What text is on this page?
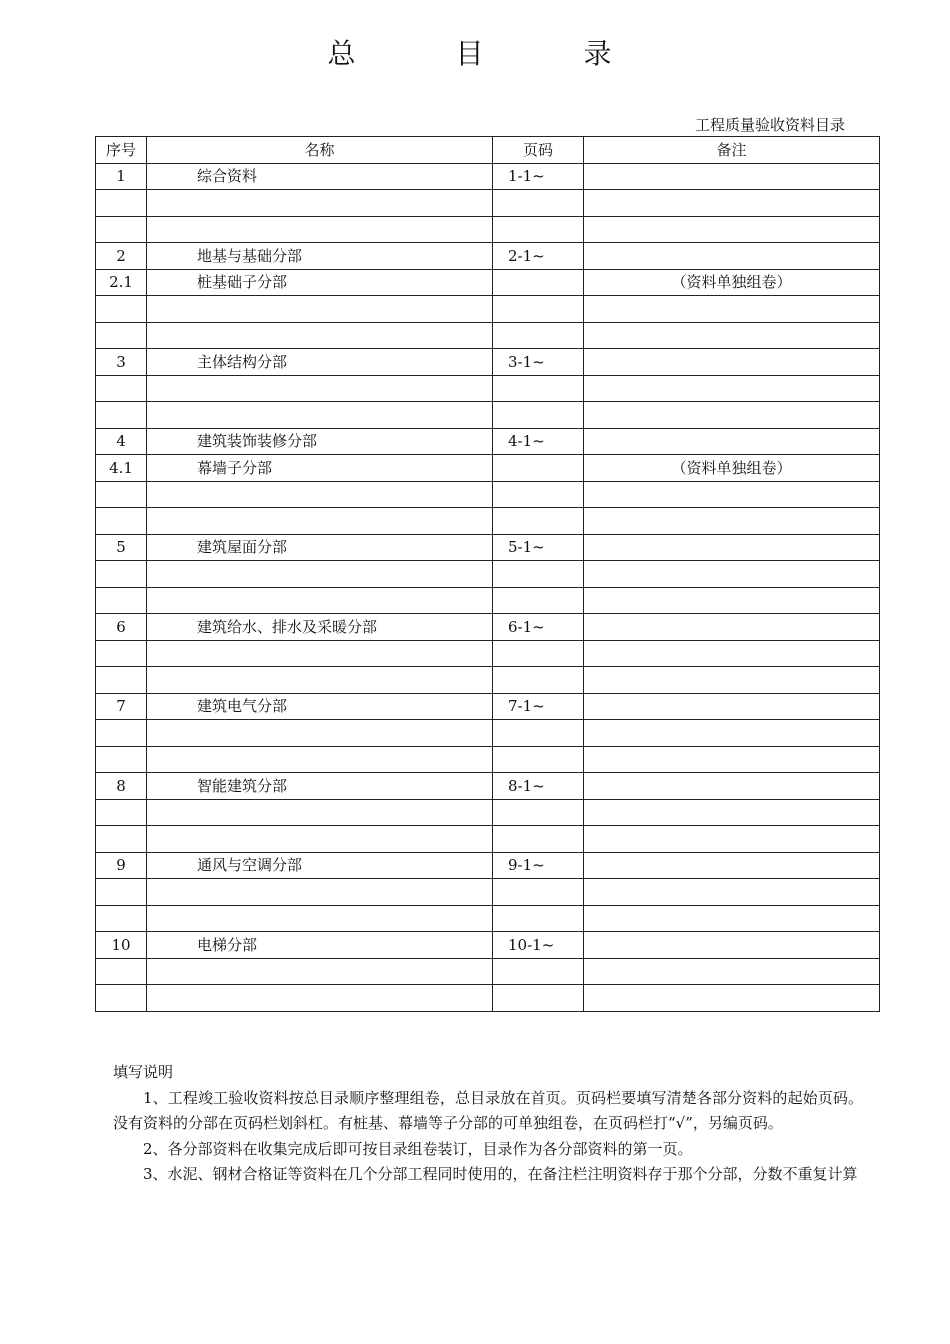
总　目　录
工程质量验收资料目录
序号	名称	页码	备注
1	综合资料	1-1~	

2	地基与基础分部	2-1~	
2.1	桩基础子分部		（资料单独组卷）

3	主体结构分部	3-1~	

4	建筑装饰装修分部	4-1~	
4.1	幕墙子分部		（资料单独组卷）

5	建筑屋面分部	5-1~	

6	建筑给水、排水及采暖分部	6-1~	

7	建筑电气分部	7-1~	

8	智能建筑分部	8-1~	

9	通风与空调分部	9-1~	

10	电梯分部	10-1~	

填写说明

1、工程竣工验收资料按总目录顺序整理组卷，总目录放在首页。页码栏要填写清楚各部分资料的起始页码。没有资料的分部在页码栏划斜杠。有桩基、幕墙等子分部的可单独组卷，在页码栏打“√”，另编页码。

2、各分部资料在收集完成后即可按目录组卷装订，目录作为各分部资料的第一页。

3、水泥、钢材合格证等资料在几个分部工程同时使用的，在备注栏注明资料存于那个分部，分数不重复计算
